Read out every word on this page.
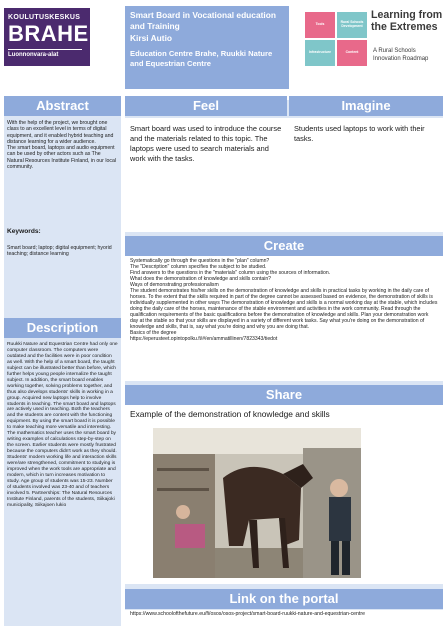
KOULUTUSKESKUS
BRAHE
Luonnonvara-alat
Smart Board in Vocational education and Training
Kirsi Autio
Education Centre Brahe, Ruukki Nature and Equestrian Centre
Tools	Rural Schools Development
Infrastructure	Content
Learning from the Extremes
A Rural Schools Innovation Roadmap
Abstract
With the help of the project, we brought one class to an excellent level in terms of digital equipment, and it enabled hybrid teaching and distance learning for a wider audience.
The smart board, laptops and audio equipment can be used by other actors such as The Natural Resources Institute Finland, in our local community.
Keywords:
Smart board; laptop; digital equipment; hyorid teaching; distance learning
Feel
Smart board was used to introduce the course and the materials related to this topic. The laptops were used to search materials and work with the tasks.
Imagine
Students used laptops to work with their tasks.
Create
Systematically go through the questions in the "plan" column?
The "Description" column specifies the subject to be studied.
Find answers to the questions in the "materials" column using the sources of information.
What does the demonstration of knowledge and skills contain?
Ways of demonstrating professionalism
The student demonstrates his/her skills on the demonstration of knowledge and skills in practical tasks by working in the daily care of horses. To the extent that the skills required in part of the degree cannot be assessed based on evidence, the demonstration of skills is individually supplemented in other ways The demonstration of knowledge and skills is a normal working day at the stable, which includes doing the daily care of the horses, maintenance of the stable environment and activities in the work community. Read through the qualification requirements of the basic qualifications before the demonstration of knowledge and skills. Plan your demonstration work day at the stable so that your skills are displayed in a variety of different work tasks. Say what you're doing on the demonstration of knowledge and skills, that is, say what you're doing and why you are doing that.
Basics of the degree
https://eperusteet.opintopolku.fi/#/en/ammatillinen/7823343/tiedot
Description
Ruukki Nature and Equestrian Centre had only one computer classroom. The computers were outdated and the facilities were in poor condition as well. With the help of a smart board, the taught subject can be illustrated better than before, which further helps young people internalize the taught subject. In addition, the smart board enables working together, solving problems together, and thus also develops students' skills in working in a group. Acquired new laptops help to involve students in teaching. The smart board and laptops are actively used in teaching. Both the teachers and the students are content with the functioning equipment. By using the smart board it is possible to make teaching more versatile and interesting. The mathematics teacher uses the smart board by writing examples of calculations step-by-step on the screen. Earlier students were mostly frustrated because the computers didn't work as they should. Students' modern working life and interaction skills were/are strengthened, commitment to studying is improved when the work tools are appropriate and modern, which in turn increases motivation to study. Age group of students was 15-23. Number of students involved was 23-40 and of teachers involved 5. Partnerships: The Natural Resources Institute Finland, parents of the students, Siikajoki municipality, Siikajoen lukio
Share
Example of the demonstration of knowledge and skills
Link on the portal
https://www.schoolofthefuture.eu/fi/osos/osos-project/smart-board-ruukki-nature-and-equestrian-centre
